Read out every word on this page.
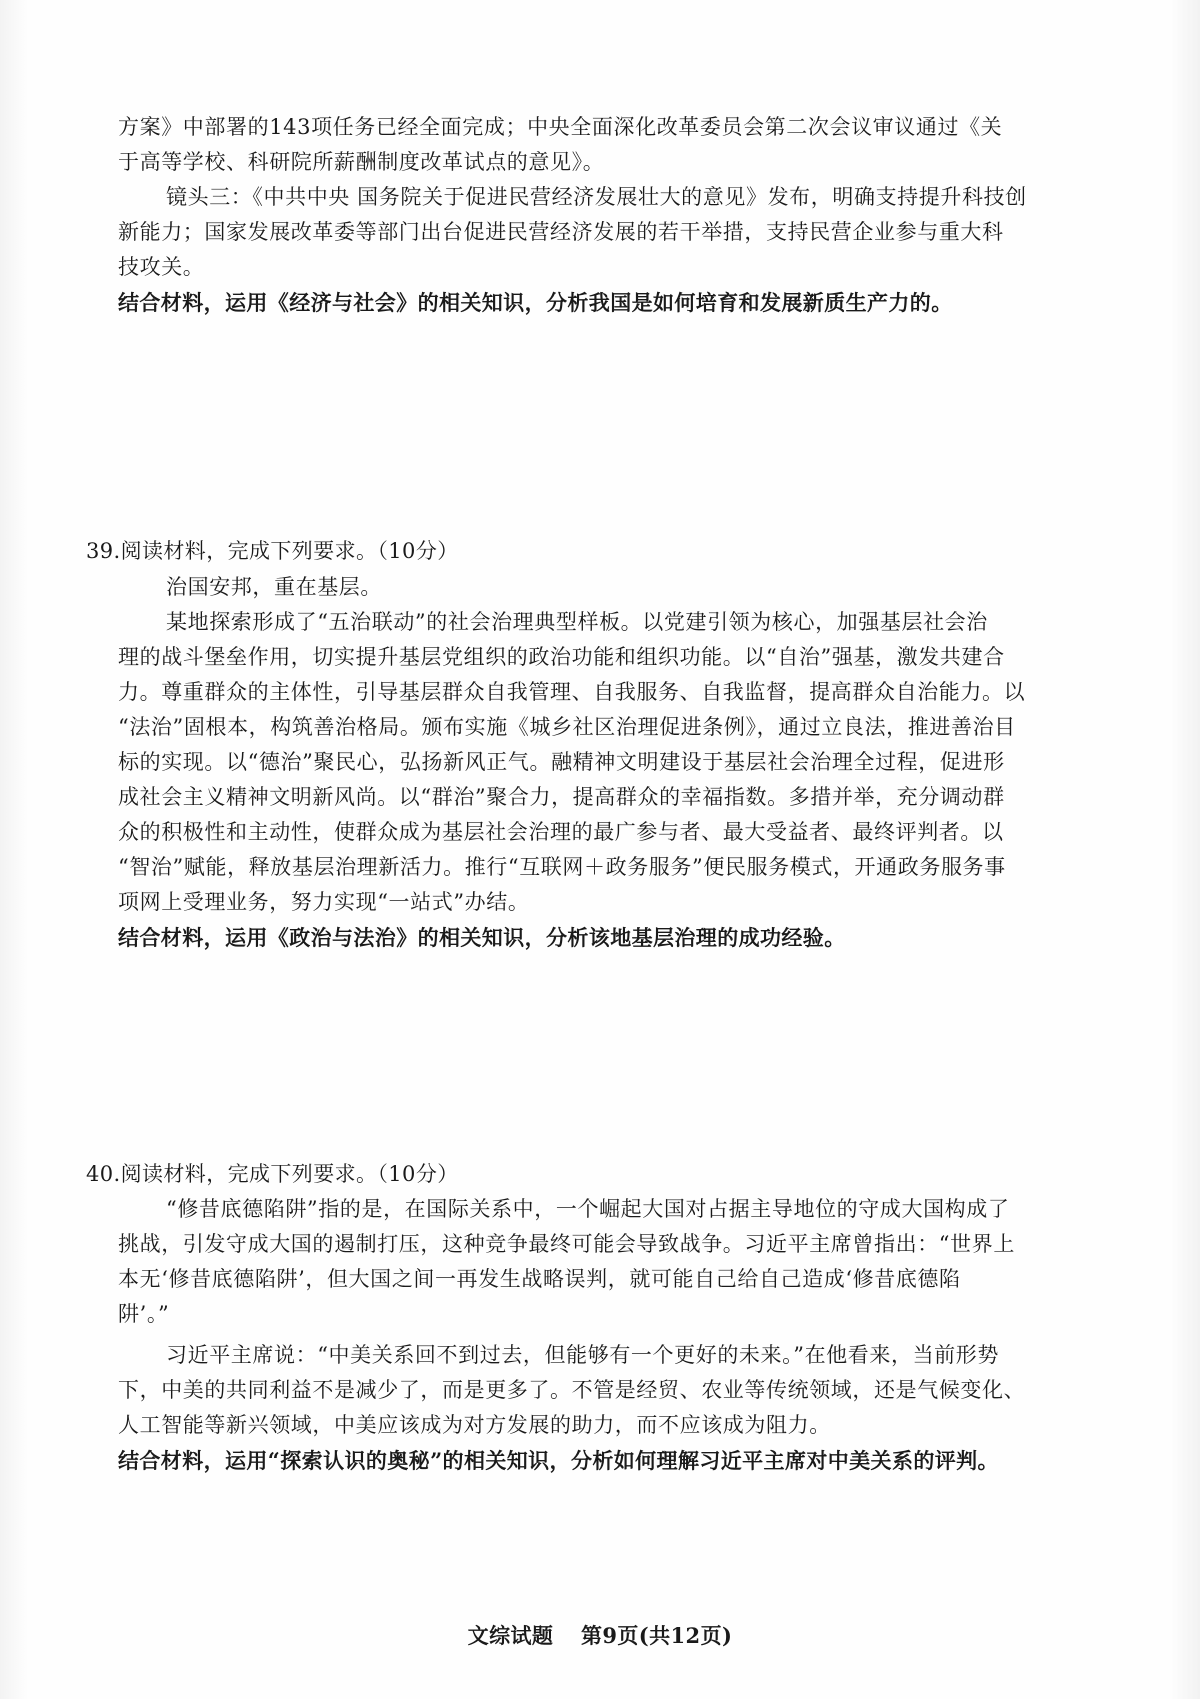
方案》中部署的143项任务已经全面完成；中央全面深化改革委员会第二次会议审议通过《关

于高等学校、科研院所薪酬制度改革试点的意见》。

镜头三：《中共中央 国务院关于促进民营经济发展壮大的意见》发布，明确支持提升科技创

新能力；国家发展改革委等部门出台促进民营经济发展的若干举措，支持民营企业参与重大科

技攻关。

结合材料，运用《经济与社会》的相关知识，分析我国是如何培育和发展新质生产力的。

39.阅读材料，完成下列要求。（10分）

治国安邦，重在基层。

某地探索形成了“五治联动”的社会治理典型样板。以党建引领为核心，加强基层社会治

理的战斗堡垒作用，切实提升基层党组织的政治功能和组织功能。以“自治”强基，激发共建合

力。尊重群众的主体性，引导基层群众自我管理、自我服务、自我监督，提高群众自治能力。以

“法治”固根本，构筑善治格局。颁布实施《城乡社区治理促进条例》，通过立良法，推进善治目

标的实现。以“德治”聚民心，弘扬新风正气。融精神文明建设于基层社会治理全过程，促进形

成社会主义精神文明新风尚。以“群治”聚合力，提高群众的幸福指数。多措并举，充分调动群

众的积极性和主动性，使群众成为基层社会治理的最广参与者、最大受益者、最终评判者。以

“智治”赋能，释放基层治理新活力。推行“互联网＋政务服务”便民服务模式，开通政务服务事

项网上受理业务，努力实现“一站式”办结。

结合材料，运用《政治与法治》的相关知识，分析该地基层治理的成功经验。

40.阅读材料，完成下列要求。（10分）

“修昔底德陷阱”指的是，在国际关系中，一个崛起大国对占据主导地位的守成大国构成了

挑战，引发守成大国的遏制打压，这种竞争最终可能会导致战争。习近平主席曾指出：“世界上

本无‘修昔底德陷阱’，但大国之间一再发生战略误判，就可能自己给自己造成‘修昔底德陷

阱’。”

习近平主席说：“中美关系回不到过去，但能够有一个更好的未来。”在他看来，当前形势

下，中美的共同利益不是减少了，而是更多了。不管是经贸、农业等传统领域，还是气候变化、

人工智能等新兴领域，中美应该成为对方发展的助力，而不应该成为阻力。

结合材料，运用“探索认识的奥秘”的相关知识，分析如何理解习近平主席对中美关系的评判。

文综试题 第9页(共12页)
